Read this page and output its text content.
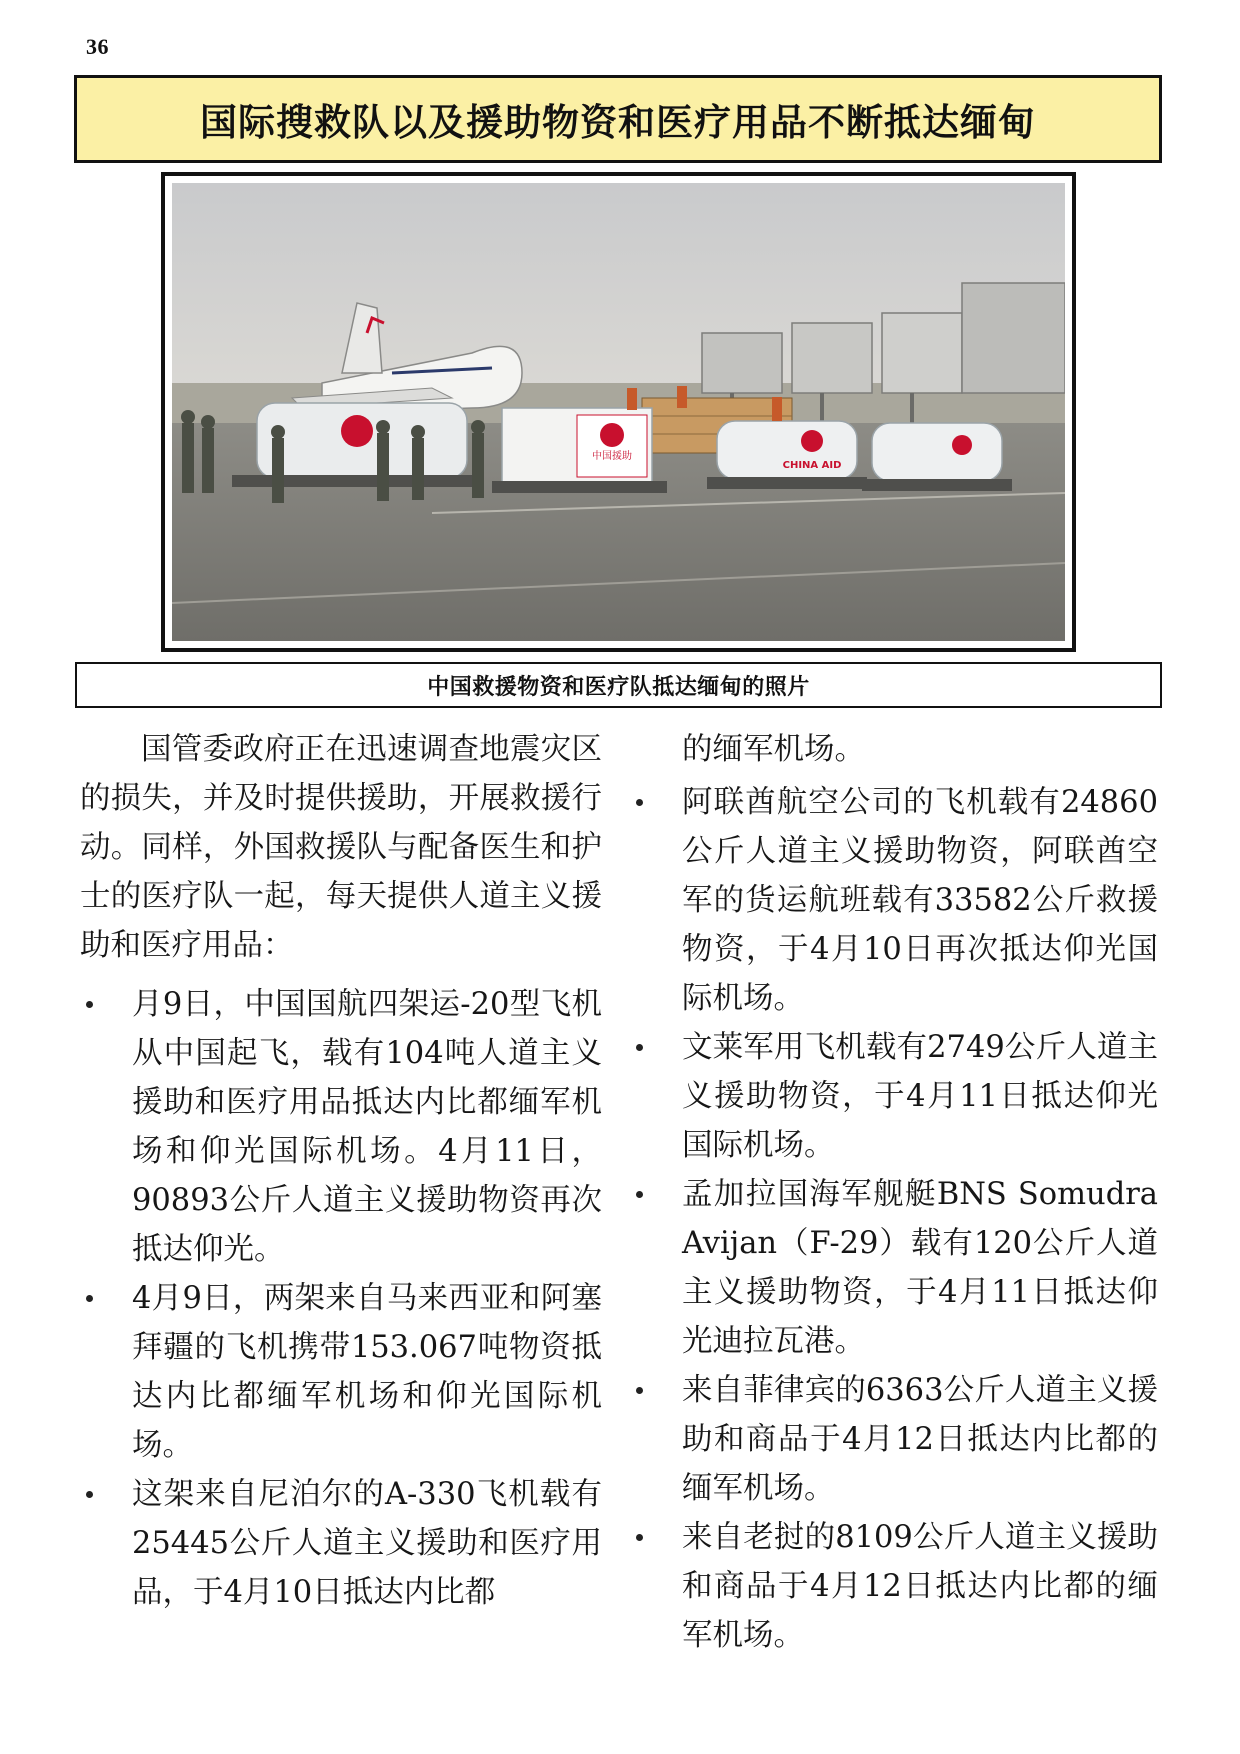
36
国际搜救队以及援助物资和医疗用品不断抵达缅甸
中国援助
CHINA AID
中国救援物资和医疗队抵达缅甸的照片

国管委政府正在迅速调查地震灾区的损失，并及时提供援助，开展救援行动。同样，外国救援队与配备医生和护士的医疗队一起，每天提供人道主义援助和医疗用品：

月9日，中国国航四架运-20型飞机从中国起飞，载有104吨人道主义援助和医疗用品抵达内比都缅军机场和仰光国际机场。4月11日，90893公斤人道主义援助物资再次抵达仰光。
4月9日，两架来自马来西亚和阿塞拜疆的飞机携带153.067吨物资抵达内比都缅军机场和仰光国际机场。
这架来自尼泊尔的A-330飞机载有25445公斤人道主义援助和医疗用品，于4月10日抵达内比都

的缅军机场。

阿联酋航空公司的飞机载有24860公斤人道主义援助物资，阿联酋空军的货运航班载有33582公斤救援物资，于4月10日再次抵达仰光国际机场。
文莱军用飞机载有2749公斤人道主义援助物资，于4月11日抵达仰光国际机场。
孟加拉国海军舰艇BNS Somudra Avijan（F-29）载有120公斤人道主义援助物资，于4月11日抵达仰光迪拉瓦港。
来自菲律宾的6363公斤人道主义援助和商品于4月12日抵达内比都的缅军机场。
来自老挝的8109公斤人道主义援助和商品于4月12日抵达内比都的缅军机场。
